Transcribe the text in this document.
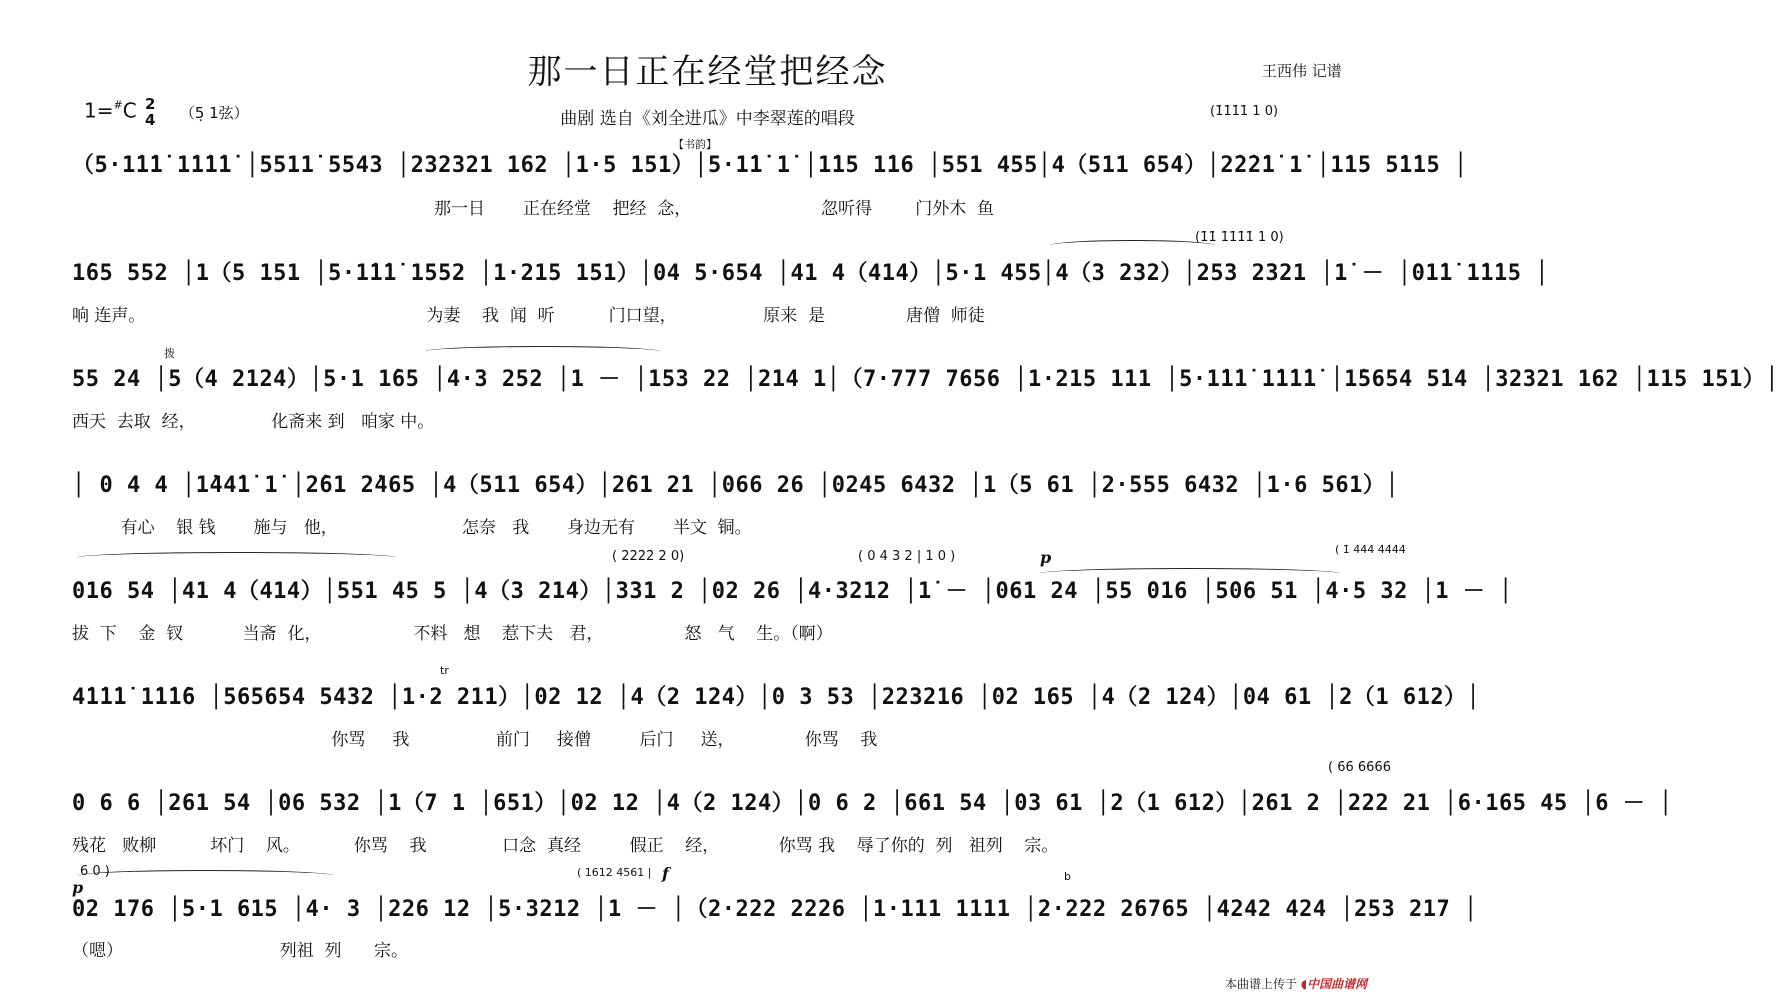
那一日正在经堂把经念	王西伟 记谱
1=#C 2
4 （5̣ 1弦）	曲剧 选自《刘全进瓜》中李翠莲的唱段	(1̇1̇1̇1̇ 1 0)
【书韵】
(1̇1̇ 1̇1̇1̇1̇ 1 0)
拨
( 2̇2̇2̇2̇ 2 0)	( 0 4 3 2 | 1 0 )	( 1̇ 4̇4̇4̇ 4̇4̇4̇4̇
p
tr
( 6̇6̇ 6̇6̇6̇6̇
6 0 )
p
( 1612 4561 | f	b
（5·1̇1̇1̇ 1̇1̇1̇1̇ │5511̇ 5543 │232321 162 │1·5 151）│5·1̇1̇ 1̇ │1̇15 1̇16 │551 455│4（511 654）│2̇2̇2̇1̇ 1̇ │1̇15 5̇1̇15 │
那一日       正在经堂    把经  念，                        忽听得        门外木  鱼
1̇65 552 │1（5 151 │5·1̇1̇1̇ 1552 │1·215 151）│04 5·654 │41 4（414）│5·1 455│4（3 232）│253 2321 │1̇ － │01̇1̇ 1̇1̇15 │
响 连声。                                                    为妻    我  闻  听          门口望，                原来  是               唐僧  师徒
55 24 │5（4 2124）│5·1 1̇65 │4·3 252 │1 － │153 22 │214 1│（7·777 7656 │1·215 111 │5·1̇1̇1̇ 1̇1̇1̇1̇ │1̇5654 5̇14 │32321 162 │115 151）│
西天  去取  经，              化斋来 到   咱家 中。
│ 0 4 4 │1̇44̇1̇ 1̇ │2̇61 2̇465 │4（511 654）│2̇61 2̇1 │066 26 │0245 6432 │1（5 61 │2·555 6432 │1·6 561）│
有心    银 钱       施与   他，                       怎奈   我       身边无有       半文  铜。
016 54 │41 4（414）│551 45 5 │4（3 214）│331 2 │02 26 │4·3212 │1̇ － │061 24 │55 016 │506 51 │4·5 32 │1 － │
拔  下    金  钗           当斋  化，                 不料   想    惹下夫   君，               怒   气    生。（啊）
4̇1̇1̇1̇ 1̇1̇1̇6 │565654 5432 │1·2 211）│02 12 │4（2 124）│0 3 53 │223216 │02 165 │4（2 124）│04 61 │2（1 612）│
你骂     我                前门     接僧         后门     送，             你骂    我
0 6 6 │261 54 │06 532 │1（7 1 │651）│02 12 │4（2 124）│0 6 2 │661 54 │03 61 │2（1 612）│261 2 │222 21 │6·165 45 │6 － │
残花   败柳          坏门    风。          你骂    我              口念  真经         假正    经，           你骂 我    辱了你的  列   祖列    宗。
02 176 │5·1 615 │4· 3 │226 12 │5·3212 │1 － │（2·222 2226 │1·111 1111 │2·222 26765 │4242 424 │253 217 │
（嗯）                             列祖  列      宗。
本曲谱上传于 ◖中国曲谱网
